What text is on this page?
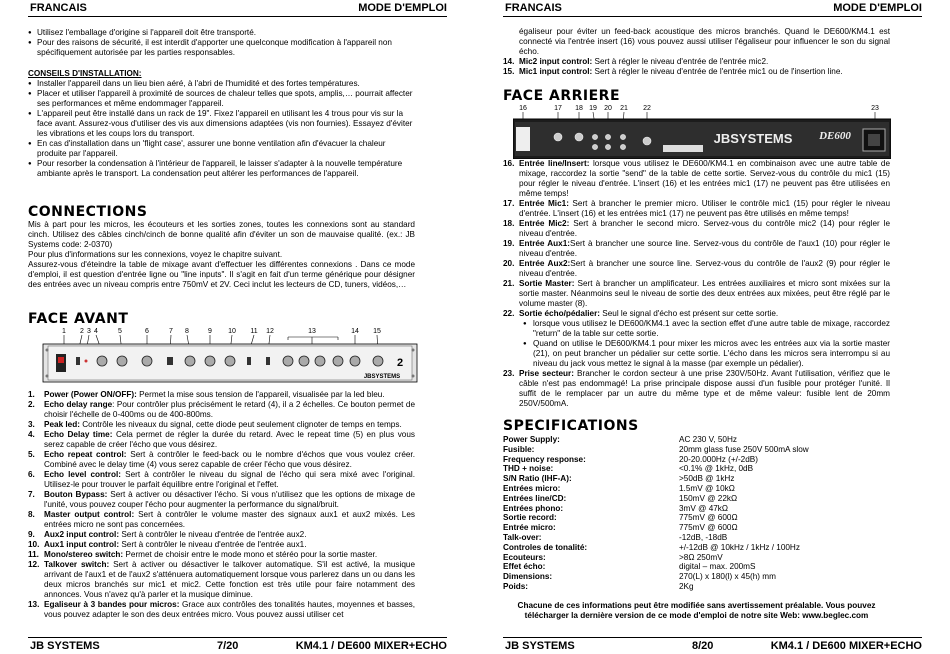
FRANCAIS	MODE D'EMPLOI

● Utilisez l'emballage d'origine si l'appareil doit être transporté.

● Pour des raisons de sécurité, il est interdit d'apporter une quelconque modification à l'appareil non spécifiquement autorisée par les parties responsables.

CONSEILS D'INSTALLATION:

● Installer l'appareil dans un lieu bien aéré, à l'abri de l'humidité et des fortes températures.

● Placer et utiliser l'appareil à proximité de sources de chaleur telles que spots, amplis,… pourrait affecter ses performances et même endommager l'appareil.

● L'appareil peut être installé dans un rack de 19". Fixez l'appareil en utilisant les 4 trous pour vis sur la face avant. Assurez-vous d'utiliser des vis aux dimensions adaptées (vis non fournies). Essayez d'éviter les vibrations et les coups lors du transport.

● En cas d'installation dans un 'flight case', assurer une bonne ventilation afin d'évacuer la chaleur produite par l'appareil.

● Pour resorber la condensation à l'intérieur de l'appareil, le laisser s'adapter à la nouvelle température ambiante après le transport. La condensation peut altérer les performances de l'appareil.

CONNECTIONS

Mis à part pour les micros, les écouteurs et les sorties zones, toutes les connexions sont au standard cinch. Utilisez des câbles cinch/cinch de bonne qualité afin d'éviter un son de mauvaise qualité. (ex.: JB Systems code: 2-0370)

Pour plus d'informations sur les connexions, voyez le chapitre suivant.

Assurez-vous d'éteindre la table de mixage avant d'effectuer les différentes connexions . Dans ce mode d'emploi, il est question d'entrée ligne ou "line inputs". Il s'agit en fait d'un terme générique pour désigner des entrées avec un niveau compris entre 750mV et 2V. Ceci inclut les lecteurs de CD, tuners, vidéos,…

FACE AVANT
1 2 3 4	5	6	7 8	9 10 11 12	13	14 15
JBSYSTEMS
2

1. Power (Power ON/OFF): Permet la mise sous tension de l'appareil, visualisée par la led bleu.

2. Echo delay range: Pour contrôler plus précisément le retard (4), il a 2 échelles. Ce bouton permet de choisir l'échelle de 0-400ms ou de 400-800ms.

3. Peak led: Contrôle les niveaux du signal, cette diode peut seulement clignoter de temps en temps.

4. Echo Delay time: Cela permet de régler la durée du retard. Avec le repeat time (5) en plus vous serez capable de créer l'écho que vous désirez.

5. Echo repeat control: Sert à contrôler le feed-back ou le nombre d'échos que vous voulez créer. Combiné avec le delay time (4) vous serez capable de créer l'écho que vous désirez.

6. Echo level control: Sert à contrôler le niveau du signal de l'écho qui sera mixé avec l'original. Utilisez-le pour trouver le parfait équilibre entre l'original et l'effet.

7. Bouton Bypass: Sert à activer ou désactiver l'écho. Si vous n'utilisez que les options de mixage de l'unité, vous pouvez couper l'écho pour augmenter la performance du signal/bruit.

8. Master output control: Sert à contrôler le volume master des signaux aux1 et aux2 mixés. Les entrées micro ne sont pas concernées.

9. Aux2 input control: Sert à contrôler le niveau d'entrée de l'entrée aux2.

10. Aux1 input control: Sert à contrôler le niveau d'entrée de l'entrée aux1.

11. Mono/stereo switch: Permet de choisir entre le mode mono et stéréo pour la sortie master.

12. Talkover switch: Sert à activer ou désactiver le talkover automatique. S'il est activé, la musique arrivant de l'aux1 et de l'aux2 s'atténuera automatiquement lorsque vous parlerez dans un ou dans les deux micros branchés sur mic1 et mic2. Cette fonction est très utile pour faire notamment des annonces. Vous n'avez qu'à parler et la musique diminue.

13. Egaliseur à 3 bandes pour micros: Grace aux contrôles des tonalités hautes, moyennes et basses, vous pouvez adapter le son des deux entrées micro. Vous pouvez aussi utiliser cet

JB SYSTEMS	7/20	KM4.1 / DE600 MIXER+ECHO
FRANCAIS	MODE D'EMPLOI

égaliseur pour éviter un feed-back acoustique des micros branchés. Quand le DE600/KM4.1 est connecté via l'entrée insert (16) vous pouvez aussi utiliser l'égaliseur pour influencer le son du signal écho.

14. Mic2 input control: Sert à régler le niveau d'entrée de l'entrée mic2.

15. Mic1 input control: Sert à régler le niveau d'entrée de l'entrée mic1 ou de l'insertion line.

FACE ARRIERE
16	17 18 19 20 21 22	23
JBSYSTEMS DE600

16. Entrée line/Insert: lorsque vous utilisez le DE600/KM4.1 en combinaison avec une autre table de mixage, raccordez la sortie "send" de la table de cette sortie. Servez-vous du contrôle du mic1 (15) pour régler le niveau d'entrée. L'insert (16) et les entrées mic1 (17) ne peuvent pas être utilisées en même temps!

17. Entrée Mic1: Sert à brancher le premier micro. Utiliser le contrôle mic1 (15) pour régler le niveau d'entrée. L'insert (16) et les entrées mic1 (17) ne peuvent pas être utilisés en même temps!

18. Entrée Mic2: Sert à brancher le second micro. Servez-vous du contrôle mic2 (14) pour régler le niveau d'entrée.

19. Entrée Aux1:Sert à brancher une source line. Servez-vous du contrôle de l'aux1 (10) pour régler le niveau d'entrée.

20. Entrée Aux2:Sert à brancher une source line. Servez-vous du contrôle de l'aux2 (9) pour régler le niveau d'entrée.

21. Sortie Master: Sert à brancher un amplificateur. Les entrées auxiliaires et micro sont mixées sur la sortie master. Néanmoins seul le niveau de sortie des deux entrées aux mixées, peut être réglé par le volume master (8).

22. Sortie écho/pédalier: Seul le signal d'écho est présent sur cette sortie.

● lorsque vous utilisez le DE600/KM4.1 avec la section effet d'une autre table de mixage, raccordez "return" de la table sur cette sortie.

● Quand on utilise le DE600/KM4.1 pour mixer les micros avec les entrées aux via la sortie master (21), on peut brancher un pédalier sur cette sortie. L'écho dans les micros sera interrompu si au niveau du jack vous mettez le signal à la masse (par exemple un pédalier).

23. Prise secteur: Brancher le cordon secteur à une prise 230V/50Hz. Avant l'utilisation, vérifiez que le câble n'est pas endommagé! La prise principale dispose aussi d'un fusible pour protéger l'unité. Il suffit de le remplacer par un autre du même type et de même valeur: fusible lent de 20mm 250V/500mA.

SPECIFICATIONS
Power Supply:	AC 230 V, 50Hz
Fusible:	20mm glass fuse 250V 500mA slow
Frequency response:	20-20.000Hz (+/-2dB)
THD + noise:	<0.1% @ 1kHz, 0dB
S/N Ratio (IHF-A):	>50dB @ 1kHz
Entrées micro:	1.5mV @ 10kΩ
Entrées line/CD:	150mV @ 22kΩ
Entrées phono:	3mV @ 47kΩ
Sortie record:	775mV @ 600Ω
Entrée micro:	775mV @ 600Ω
Talk-over:	-12dB, -18dB
Controles de tonalité:	+/-12dB @ 10kHz / 1kHz / 100Hz
Ecouteurs:	>8Ω 250mV
Effet écho:	digital – max. 200mS
Dimensions:	270(L) x 180(l) x 45(h) mm
Poids:	2Kg

Chacune de ces informations peut être modifiée sans avertissement préalable. Vous pouvez télécharger la dernière version de ce mode d'emploi de notre site Web: www.beglec.com

JB SYSTEMS	8/20	KM4.1 / DE600 MIXER+ECHO
